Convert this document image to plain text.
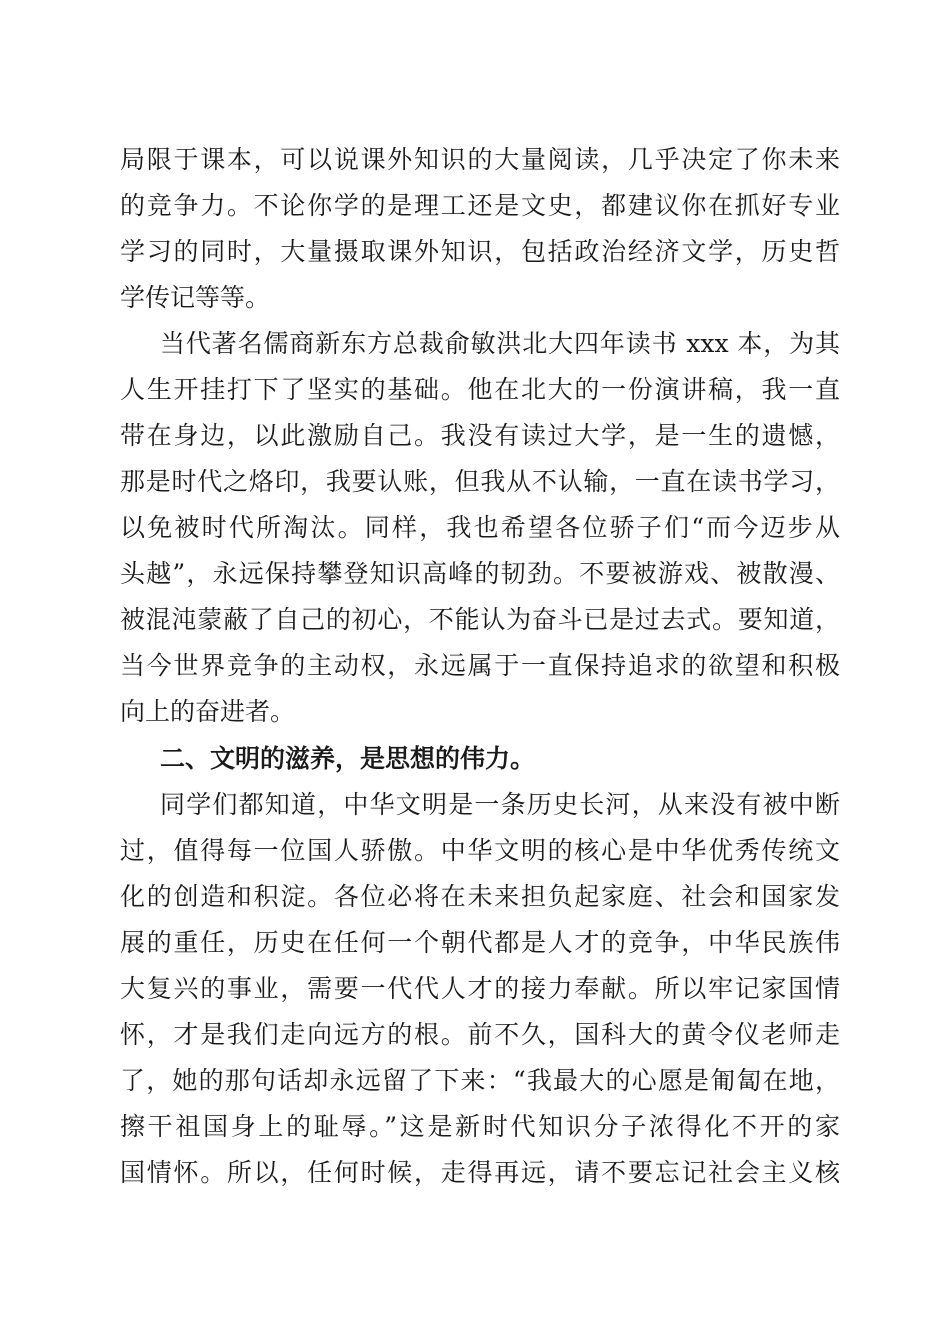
局限于课本，可以说课外知识的大量阅读，几乎决定了你未来
的竞争力。不论你学的是理工还是文史，都建议你在抓好专业
学习的同时，大量摄取课外知识，包括政治经济文学，历史哲
学传记等等。
当代著名儒商新东方总裁俞敏洪北大四年读书 xxx 本，为其
人生开挂打下了坚实的基础。他在北大的一份演讲稿，我一直
带在身边，以此激励自己。我没有读过大学，是一生的遗憾，
那是时代之烙印，我要认账，但我从不认输，一直在读书学习，
以免被时代所淘汰。同样，我也希望各位骄子们“而今迈步从
头越”，永远保持攀登知识高峰的韧劲。不要被游戏、被散漫、
被混沌蒙蔽了自己的初心，不能认为奋斗已是过去式。要知道，
当今世界竞争的主动权，永远属于一直保持追求的欲望和积极
向上的奋进者。
二、文明的滋养，是思想的伟力。
同学们都知道，中华文明是一条历史长河，从来没有被中断
过，值得每一位国人骄傲。中华文明的核心是中华优秀传统文
化的创造和积淀。各位必将在未来担负起家庭、社会和国家发
展的重任，历史在任何一个朝代都是人才的竞争，中华民族伟
大复兴的事业，需要一代代人才的接力奉献。所以牢记家国情
怀，才是我们走向远方的根。前不久，国科大的黄令仪老师走
了，她的那句话却永远留了下来：“我最大的心愿是匍匐在地，
擦干祖国身上的耻辱。”这是新时代知识分子浓得化不开的家
国情怀。所以，任何时候，走得再远，请不要忘记社会主义核
